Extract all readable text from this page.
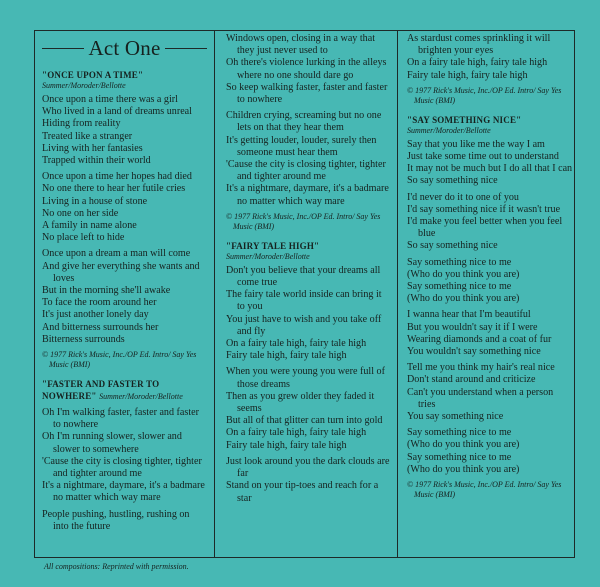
Act One
"ONCE UPON A TIME"
Summer/Moroder/Bellotte
Once upon a time there was a girl
Who lived in a land of dreams unreal
Hiding from reality
Treated like a stranger
Living with her fantasies
Trapped within their world
Once upon a time her hopes had died
No one there to hear her futile cries
Living in a house of stone
No one on her side
A family in name alone
No place left to hide
Once upon a dream a man will come
And give her everything she wants and loves
But in the morning she'll awake
To face the room around her
It's just another lonely day
And bitterness surrounds her
Bitterness surrounds
© 1977 Rick's Music, Inc./OP Ed. Intro/ Say Yes Music (BMI)
"FASTER AND FASTER TO NOWHERE" Summer/Moroder/Bellotte
Oh I'm walking faster, faster and faster to nowhere
Oh I'm running slower, slower and slower to somewhere
'Cause the city is closing tighter, tighter and tighter around me
It's a nightmare, daymare, it's a badmare no matter which way mare
People pushing, hustling, rushing on into the future
Windows open, closing in a way that they just never used to
Oh there's violence lurking in the alleys where no one should dare go
So keep walking faster, faster and faster to nowhere
Children crying, screaming but no one lets on that they hear them
It's getting louder, louder, surely then someone must hear them
'Cause the city is closing tighter, tighter and tighter around me
It's a nightmare, daymare, it's a badmare no matter which way mare
© 1977 Rick's Music, Inc./OP Ed. Intro/ Say Yes Music (BMI)
"FAIRY TALE HIGH"
Summer/Moroder/Bellotte
Don't you believe that your dreams all come true
The fairy tale world inside can bring it to you
You just have to wish and you take off and fly
On a fairy tale high, fairy tale high
Fairy tale high, fairy tale high
When you were young you were full of those dreams
Then as you grew older they faded it seems
But all of that glitter can turn into gold
On a fairy tale high, fairy tale high
Fairy tale high, fairy tale high
Just look around you the dark clouds are far
Stand on your tip-toes and reach for a star
As stardust comes sprinkling it will brighten your eyes
On a fairy tale high, fairy tale high
Fairy tale high, fairy tale high
© 1977 Rick's Music, Inc./OP Ed. Intro/ Say Yes Music (BMI)
"SAY SOMETHING NICE"
Summer/Moroder/Bellotte
Say that you like me the way I am
Just take some time out to understand
It may not be much but I do all that I can
So say something nice
I'd never do it to one of you
I'd say something nice if it wasn't true
I'd make you feel better when you feel blue
So say something nice
Say something nice to me
(Who do you think you are)
Say something nice to me
(Who do you think you are)
I wanna hear that I'm beautiful
But you wouldn't say it if I were
Wearing diamonds and a coat of fur
You wouldn't say something nice
Tell me you think my hair's real nice
Don't stand around and criticize
Can't you understand when a person tries
You say something nice
Say something nice to me
(Who do you think you are)
Say something nice to me
(Who do you think you are)
© 1977 Rick's Music, Inc./OP Ed. Intro/ Say Yes Music (BMI)
All compositions: Reprinted with permission.
